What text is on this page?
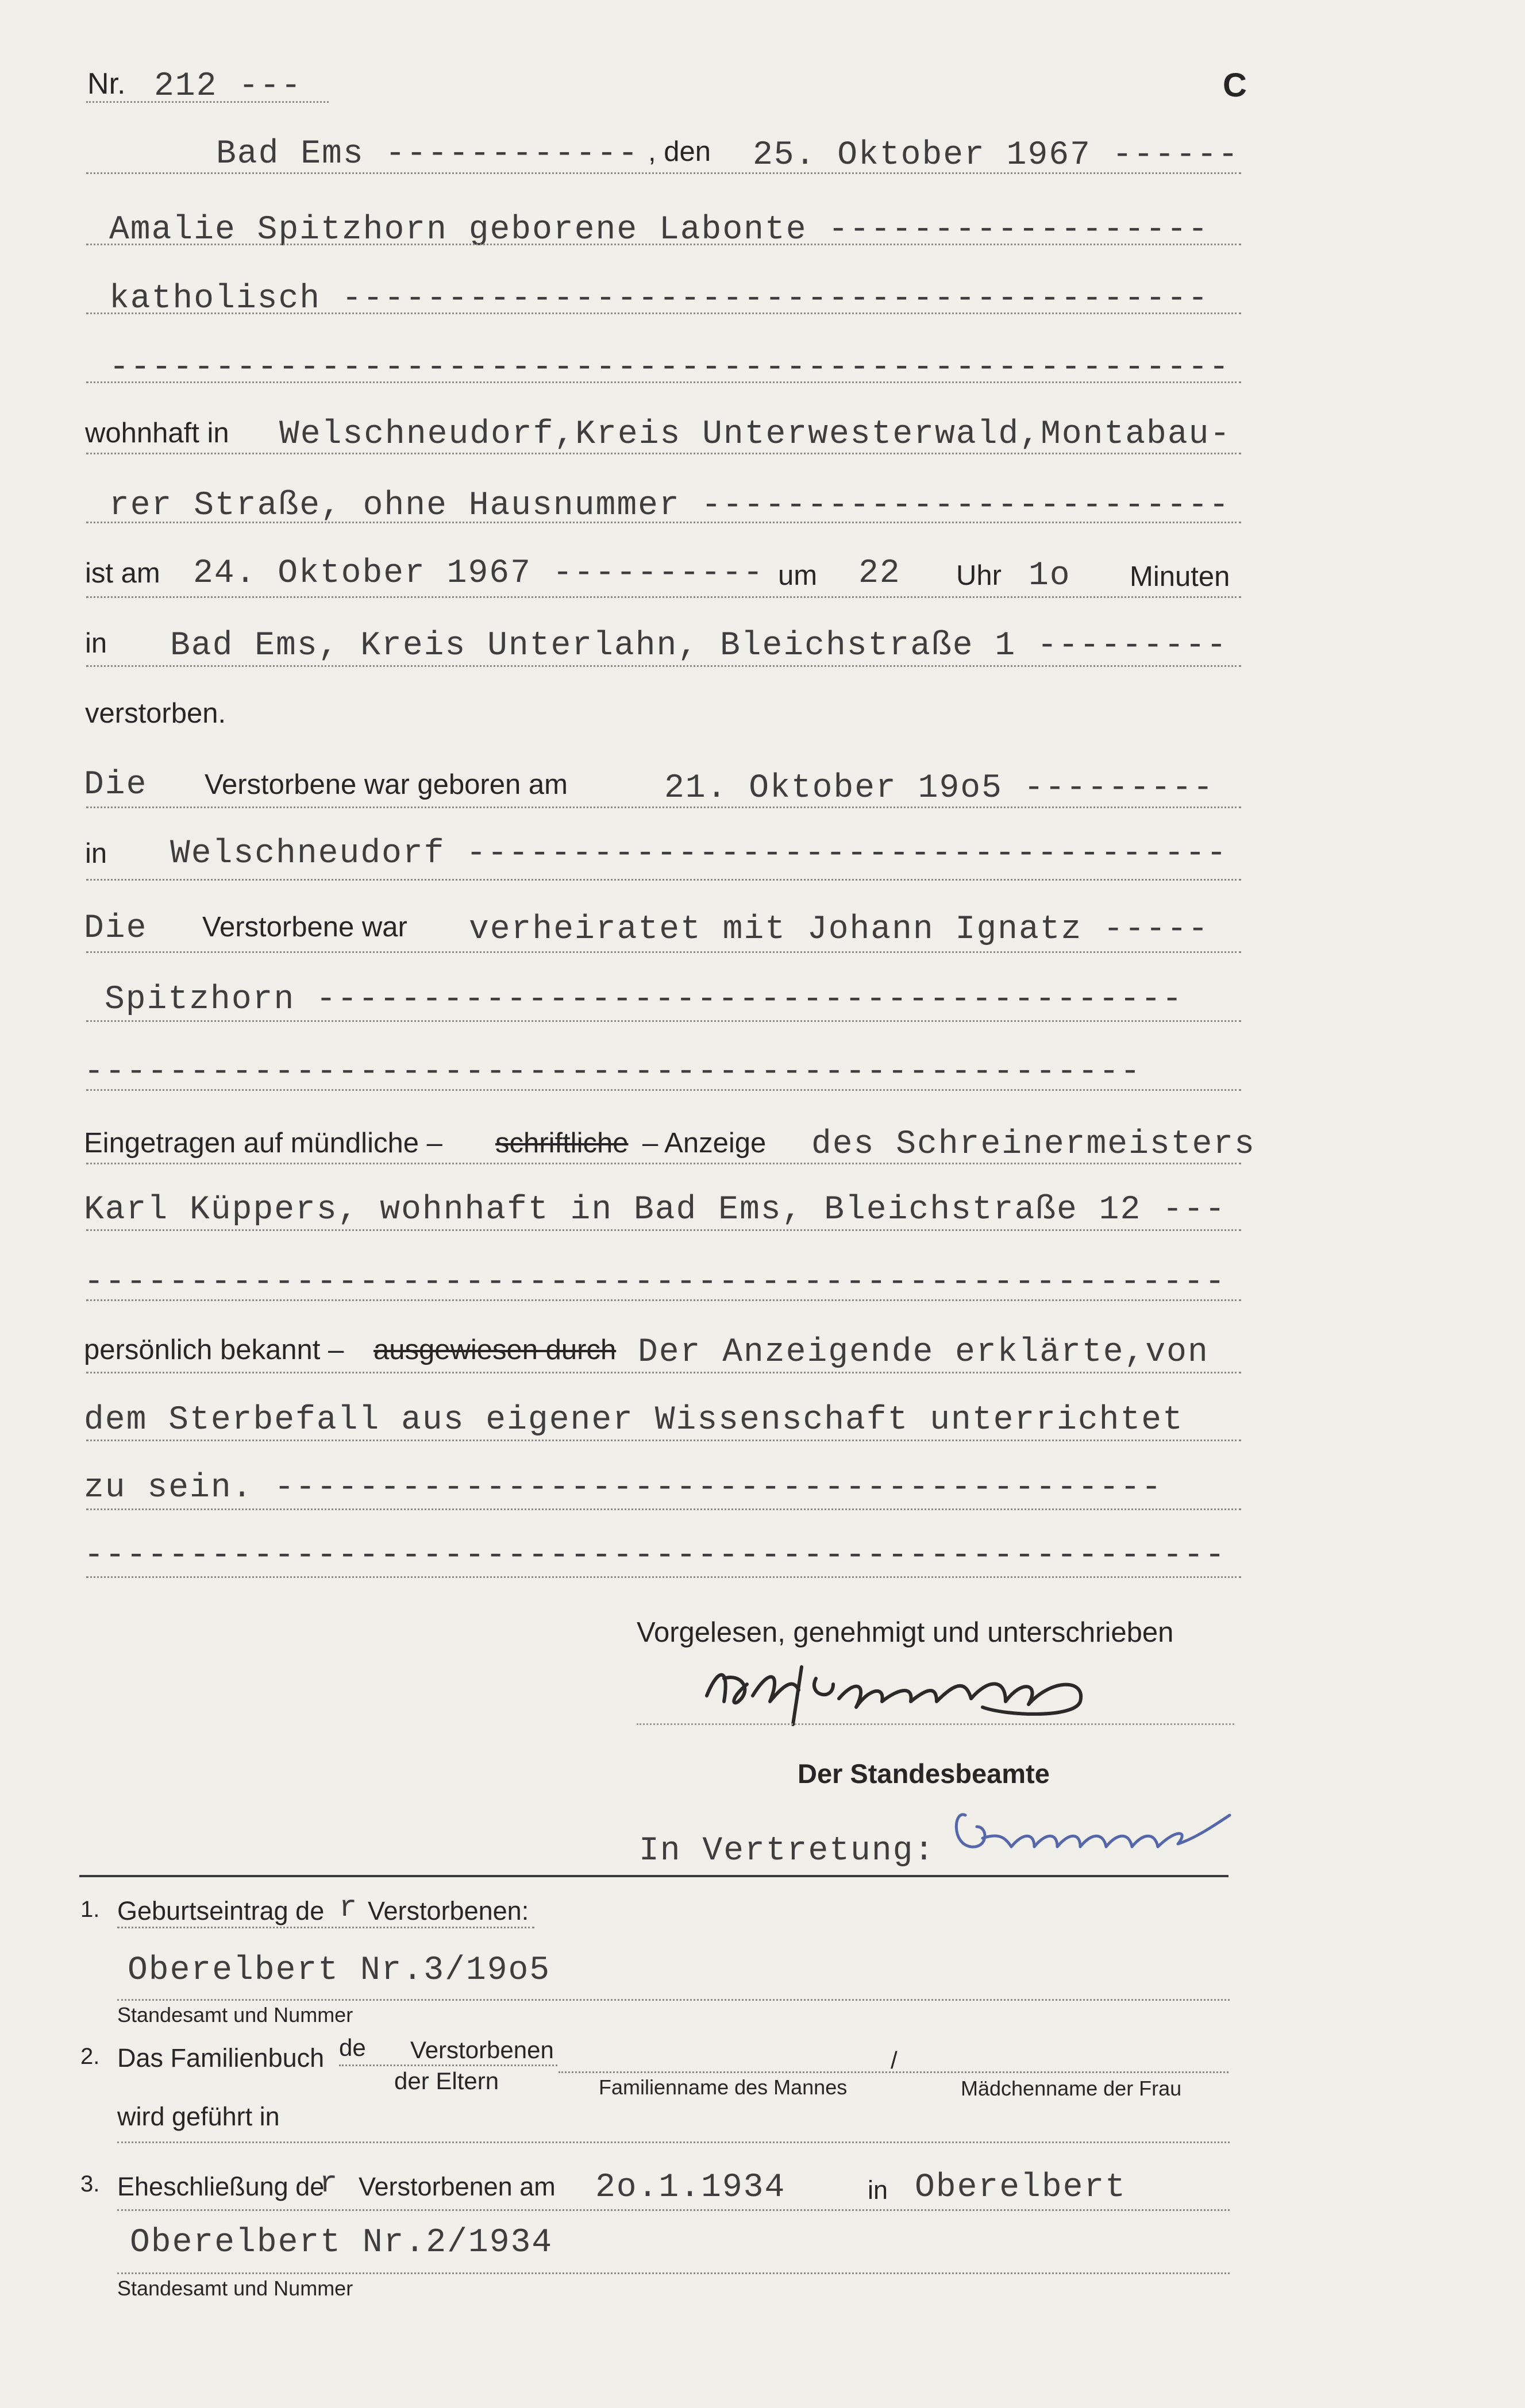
Nr. 212 ---	C
Bad Ems ------------ , den 25. Oktober 1967 ------
Amalie Spitzhorn geborene Labonte ------------------
katholisch -----------------------------------------
-----------------------------------------------------
wohnhaft in Welschneudorf,Kreis Unterwesterwald,Montabau-
rer Straße, ohne Hausnummer -------------------------
ist am 24. Oktober 1967 ---------- um 22 Uhr 1o Minuten
in Bad Ems, Kreis Unterlahn, Bleichstraße 1 ---------
verstorben.
Die Verstorbene war geboren am	21. Oktober 19o5 ---------
in Welschneudorf ------------------------------------
Die Verstorbene war verheiratet mit Johann Ignatz -----
Spitzhorn -----------------------------------------
--------------------------------------------------
Eingetragen auf mündliche – schriftliche – Anzeige des Schreinermeisters
Karl Küppers, wohnhaft in Bad Ems, Bleichstraße 12 ---
------------------------------------------------------
persönlich bekannt – ausgewiesen durch Der Anzeigende erklärte,von
dem Sterbefall aus eigener Wissenschaft unterrichtet
zu sein. ------------------------------------------
------------------------------------------------------
Vorgelesen, genehmigt und unterschrieben
Der Standesbeamte
In Vertretung:
1. Geburtseintrag de r Verstorbenen:
Oberelbert Nr.3/19o5
Standesamt und Nummer
2. Das Familienbuch de Verstorbenen
der Eltern
/
Familienname des Mannes	Mädchenname der Frau
wird geführt in
3. Eheschließung de
r Verstorbenen am 2o.1.1934	in Oberelbert
Oberelbert Nr.2/1934
Standesamt und Nummer
